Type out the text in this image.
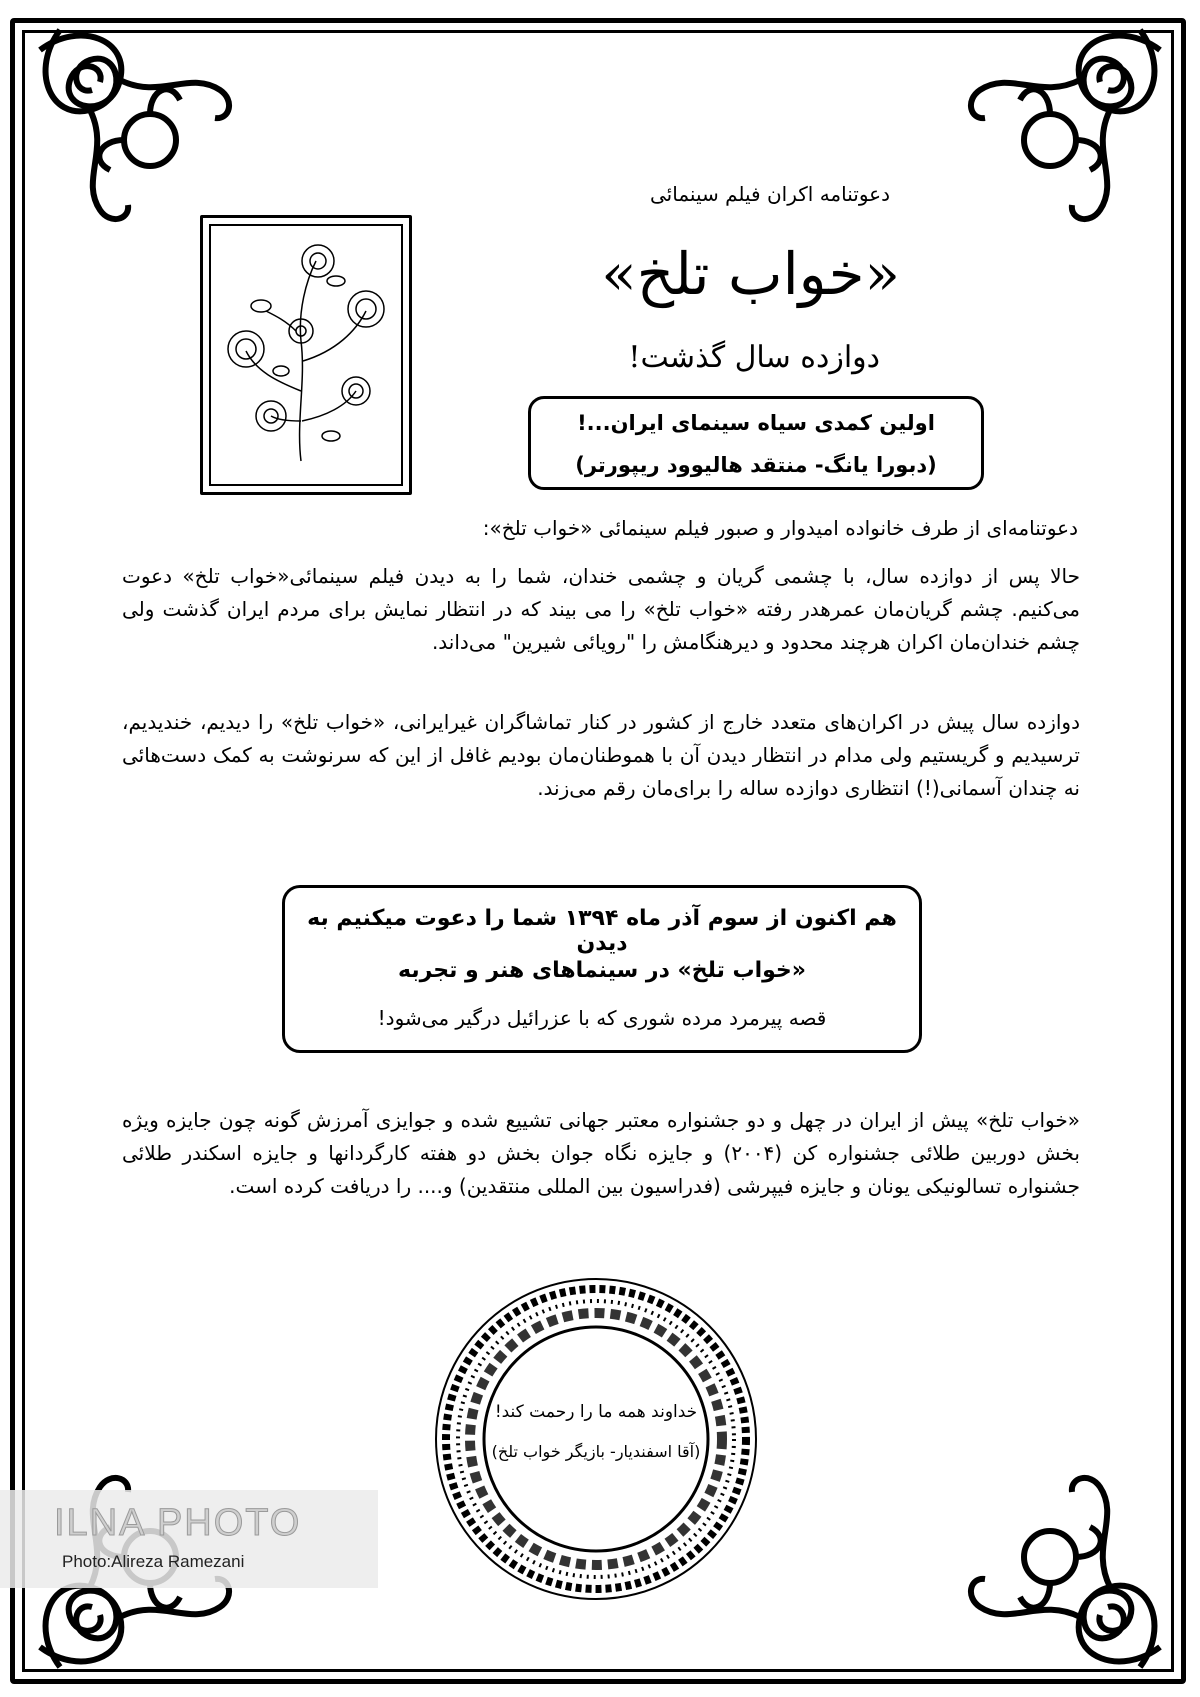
دعوتنامه اکران فیلم سینمائی
«خواب تلخ»
دوازده سال گذشت!
اولین کمدی سیاه سینمای ایران...!
(دبورا یانگ- منتقد هالیوود ریپورتر)
دعوتنامه‌ای از طرف خانواده امیدوار و صبور فیلم سینمائی «خواب تلخ»:
حالا پس از دوازده سال، با چشمی گریان و چشمی خندان، شما را به دیدن فیلم سینمائی«خواب تلخ» دعوت می‌کنیم. چشم گریان‌مان عمرهدر رفته «خواب تلخ» را می بیند که در انتظار نمایش برای مردم ایران گذشت ولی چشم خندان‌مان اکران هرچند محدود و دیرهنگامش را "رویائی شیرین" می‌داند.
دوازده سال پیش در اکران‌های متعدد خارج از کشور در کنار تماشاگران غیرایرانی، «خواب تلخ» را دیدیم، خندیدیم، ترسیدیم و گریستیم ولی مدام در انتظار دیدن آن با هموطنان‌مان بودیم غافل از این که سرنوشت به کمک دست‌هائی نه چندان آسمانی(!) انتظاری دوازده ساله را برای‌مان رقم می‌زند.
هم اکنون از سوم آذر ماه ۱۳۹۴ شما را دعوت میکنیم به دیدن
«خواب تلخ» در سینماهای هنر و تجربه
قصه پیرمرد مرده شوری که با عزرائیل درگیر می‌شود!
«خواب تلخ» پیش از ایران در چهل و دو جشنواره معتبر جهانی تشییع شده و جوایزی آمرزش گونه چون جایزه ویژه بخش دوربین طلائی جشنواره کن (۲۰۰۴) و جایزه نگاه جوان بخش دو هفته کارگردانها و جایزه اسکندر طلائی جشنواره تسالونیکی یونان و جایزه فیپرشی (فدراسیون بین المللی منتقدین) و.... را دریافت کرده است.
خداوند همه ما را رحمت کند!
(آقا اسفندیار- بازیگر خواب تلخ)
ILNA PHOTO
Photo:Alireza Ramezani
